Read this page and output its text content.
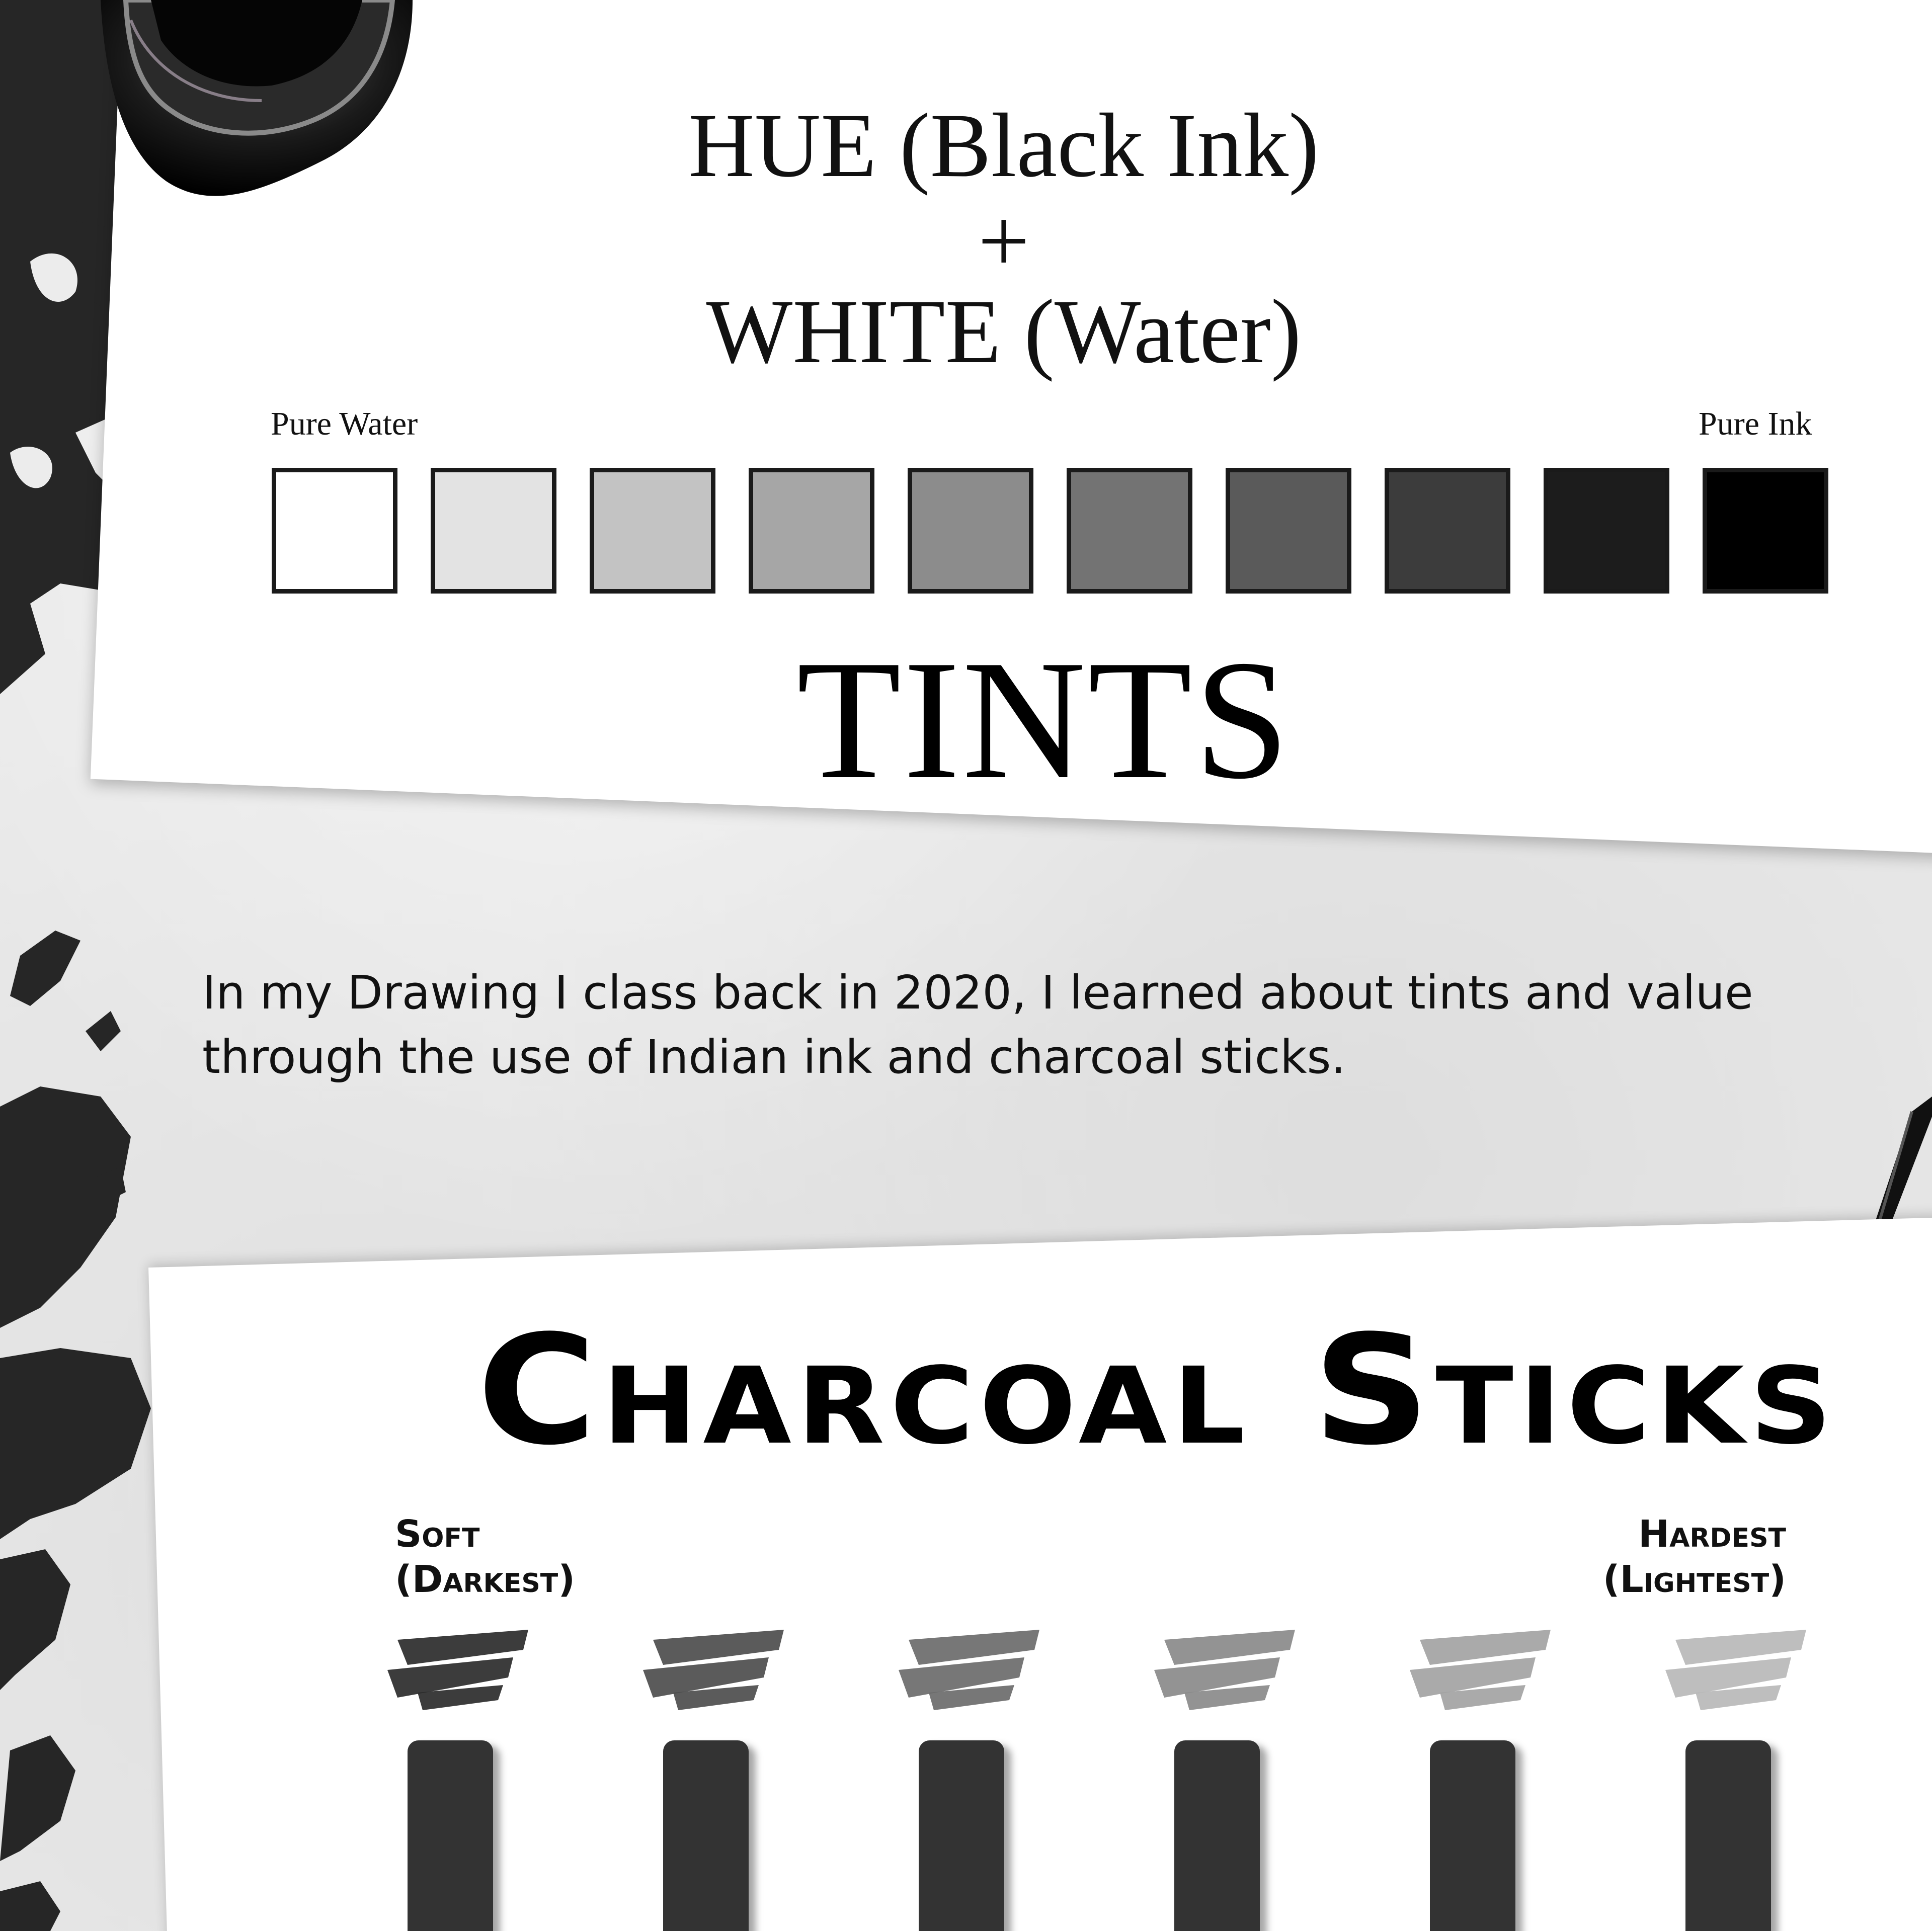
HUE (Black Ink)
+
WHITE (Water)
Pure Water	Pure Ink
TINTS
In my Drawing I class back in 2020, I learned about tints and value through the use of Indian ink and charcoal sticks.
Charcoal Sticks
Soft
(Darkest)
Hardest
(Lightest)
